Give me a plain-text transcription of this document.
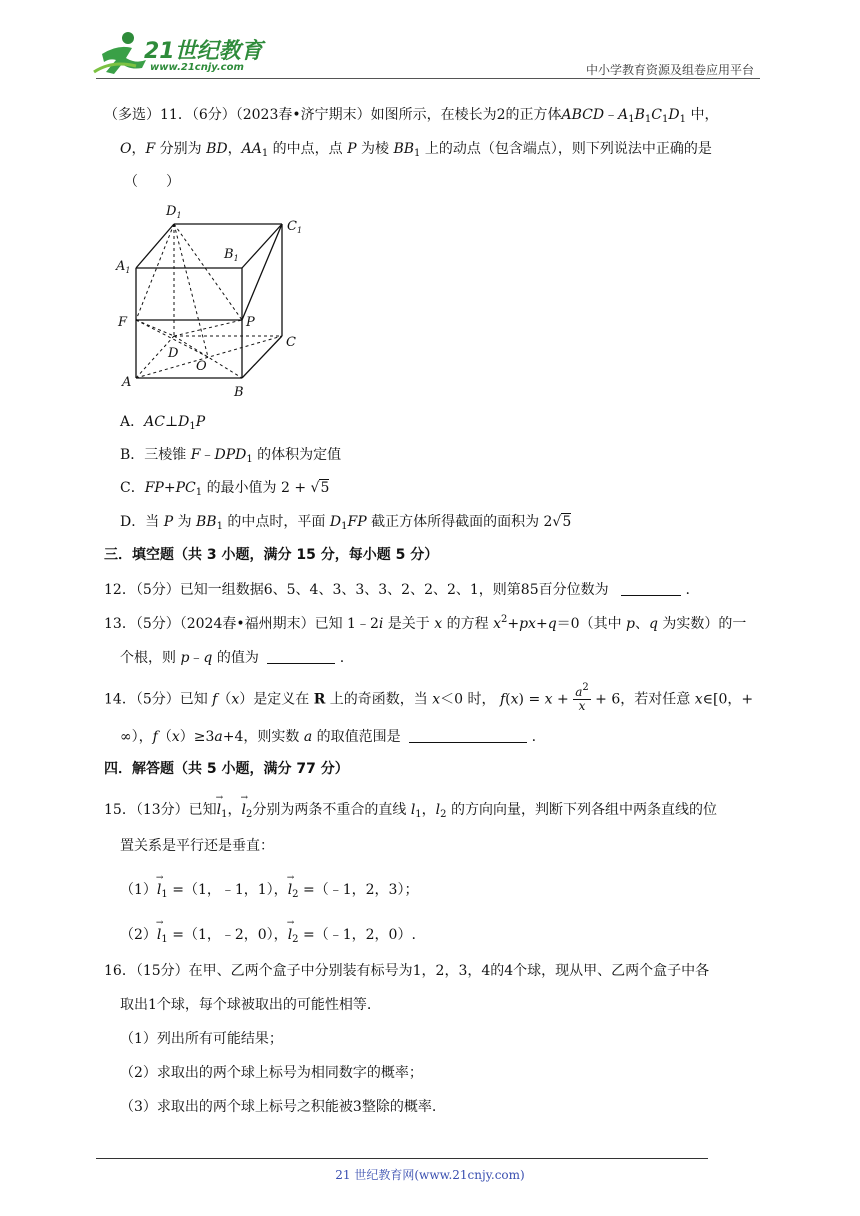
21世纪教育
www.21cnjy.com	中小学教育资源及组卷应用平台
（多选）11．（6分）（2023春•济宁期末）如图所示，在棱长为2的正方体$ABCD﹣A_1B_1C_1D_1$ 中，
O，F 分别为 BD，$AA_1$ 的中点，点 P 为棱 $BB_1$ 上的动点（包含端点），则下列说法中正确的是
（　　）
$D_1$
$C_1$
$A_1$
$B_1$
F	P
D
C
O
A
B
A．$AC\perp D_1P$
B．三棱锥 $F﹣DPD_1$ 的体积为定值
C．$FP+PC_1$ 的最小值为 2 + √5
D．当 P 为 $BB_1$ 的中点时，平面 $D_1FP$ 截正方体所得截面的面积为 2√5
三．填空题（共 3 小题，满分 15 分，每小题 5 分）
12．（5分）已知一组数据6、5、4、3、3、3、2、2、2、1，则第85百分位数为	.
13．（5分）（2024春•福州期末）已知 1﹣2i 是关于 x 的方程 $x^2+px+q=0$（其中 p、q 为实数）的一
个根，则 p﹣q 的值为	.
14．（5分）已知 f（x）是定义在 R 上的奇函数，当 x＜0 时， $f(x) = x + \frac{a^2}{x} + 6$，若对任意 x∈[0，+
∞），f（x）≥3a+4，则实数 a 的取值范围是	.
四．解答题（共 5 小题，满分 77 分）
15．（13分）已知→ $l_1$，→ $l_2$分别为两条不重合的直线 $l_1$，$l_2$ 的方向向量，判断下列各组中两条直线的位
置关系是平行还是垂直：
$(1)\to l_1 =(1$，﹣1，1），→ $l_2$ =（﹣1，2，3）；
$(2)\to l_1 =(1$，﹣2，0），→ $l_2$ =（﹣1，2，0）.
16．（15分）在甲、乙两个盒子中分别装有标号为1，2，3，4的4个球，现从甲、乙两个盒子中各
取出1个球，每个球被取出的可能性相等.
（1）列出所有可能结果；
（2）求取出的两个球上标号为相同数字的概率；
（3）求取出的两个球上标号之积能被3整除的概率.
21 世纪教育网(www.21cnjy.com)
